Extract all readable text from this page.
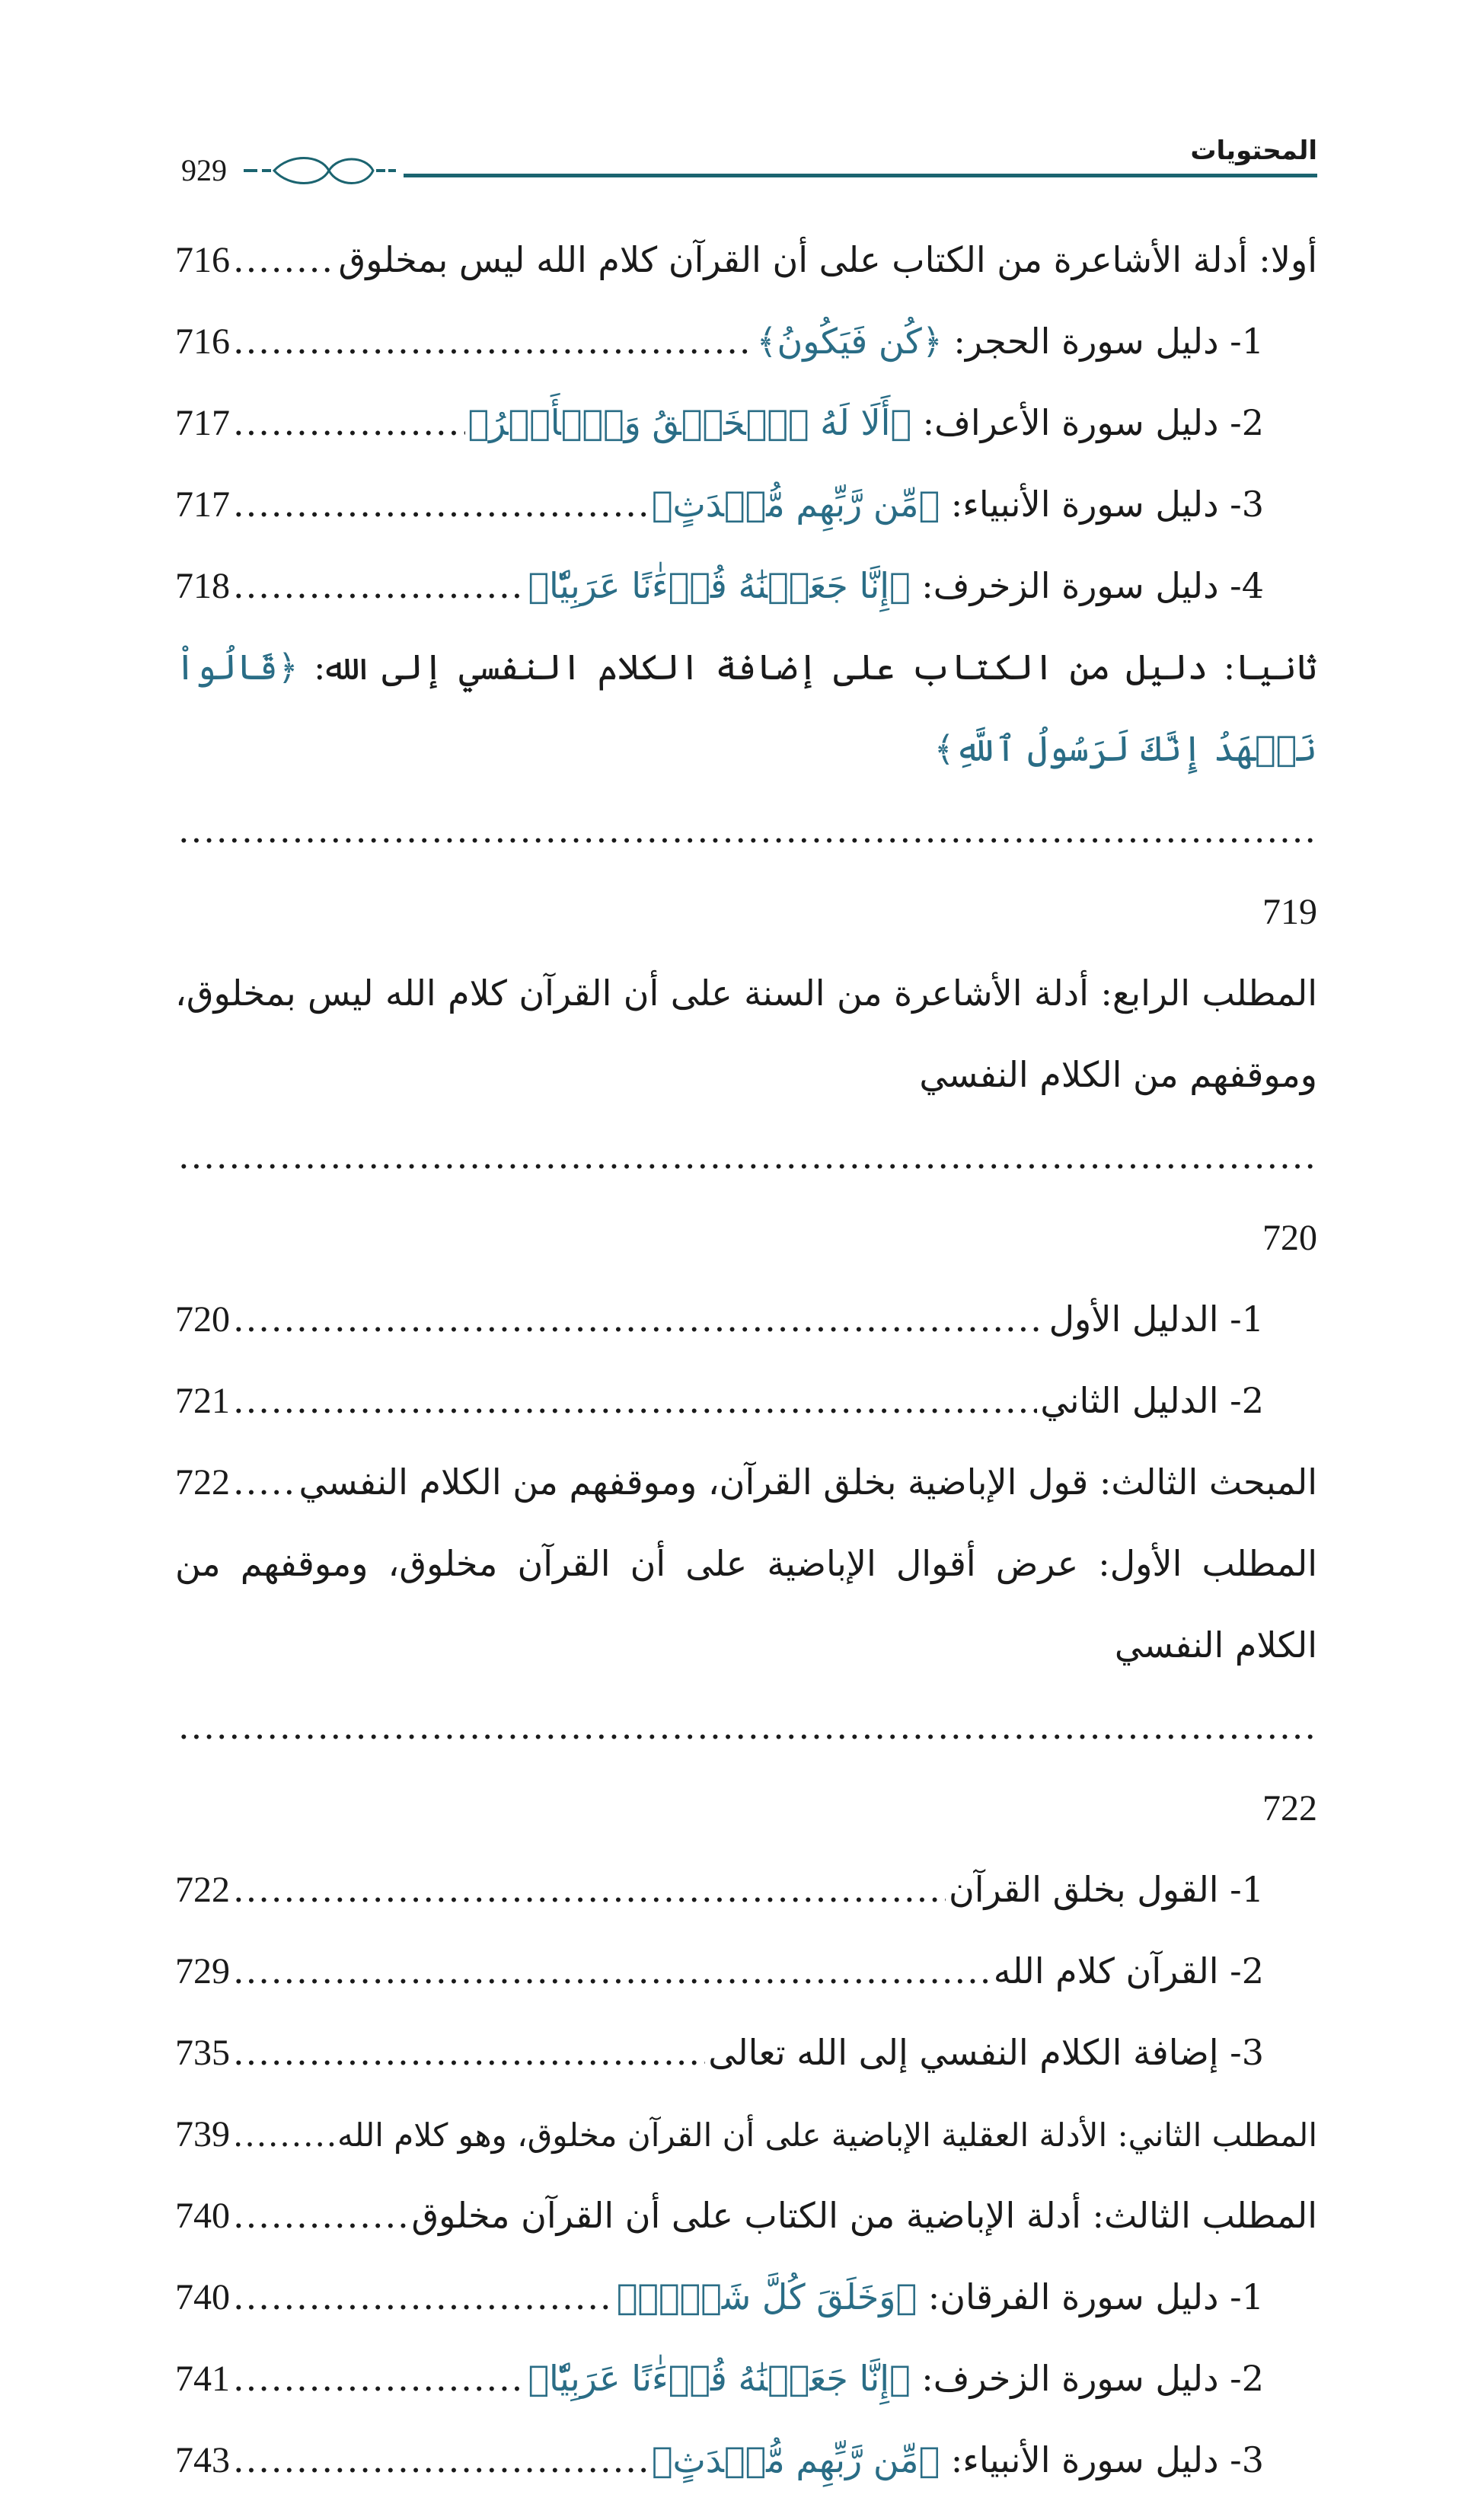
929
المحتويات
أولا: أدلة الأشاعرة من الكتاب على أن القرآن كلام الله ليس بمخلوق
.....
716
1- دليل سورة الحجر: ﴿كُن فَيَكُونُ﴾
.....
716
2- دليل سورة الأعراف: ﴿أَلَا لَهُ ٱلۡخَلۡقُ وَٱلۡأَمۡرُ﴾
.....
717
3- دليل سورة الأنبياء: ﴿مِّن رَّبِّهِم مُّحۡدَثٍ﴾
.....
717
4- دليل سورة الزخرف: ﴿إِنَّا جَعَلۡنَٰهُ قُرۡءَٰنًا عَرَبِيّٗا﴾
.....
718
ثانيا: دليل من الكتاب على إضافة الكلام النفسي إلى الله: ﴿قَالُواْ نَشۡهَدُ إِنَّكَ لَرَسُولُ ٱللَّهِ﴾
.....
719
المطلب الرابع: أدلة الأشاعرة من السنة على أن القرآن كلام الله ليس بمخلوق، وموقفهم من الكلام النفسي
.....
720
1- الدليل الأول
.....
720
2- الدليل الثاني
.....
721
المبحث الثالث: قول الإباضية بخلق القرآن، وموقفهم من الكلام النفسي
.....
722
المطلب الأول: عرض أقوال الإباضية على أن القرآن مخلوق، وموقفهم من الكلام النفسي
.....
722
1- القول بخلق القرآن
.....
722
2- القرآن كلام الله
.....
729
3- إضافة الكلام النفسي إلى الله تعالى
.....
735
المطلب الثاني: الأدلة العقلية الإباضية على أن القرآن مخلوق، وهو كلام الله
.....
739
المطلب الثالث: أدلة الإباضية من الكتاب على أن القرآن مخلوق
.....
740
1- دليل سورة الفرقان: ﴿وَخَلَقَ كُلَّ شَيۡءٖ﴾
.....
740
2- دليل سورة الزخرف: ﴿إِنَّا جَعَلۡنَٰهُ قُرۡءَٰنًا عَرَبِيّٗا﴾
.....
741
3- دليل سورة الأنبياء: ﴿مِّن رَّبِّهِم مُّحۡدَثٍ﴾
.....
743
